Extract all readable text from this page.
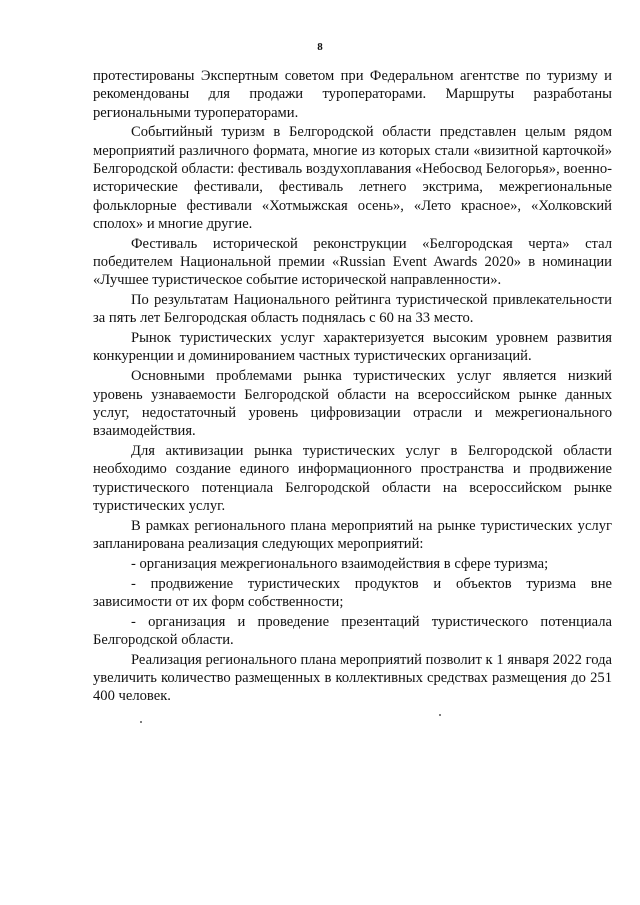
8

протестированы Экспертным советом при Федеральном агентстве по туризму и рекомендованы для продажи туроператорами. Маршруты разработаны региональными туроператорами.

Событийный туризм в Белгородской области представлен целым рядом мероприятий различного формата, многие из которых стали «визитной карточкой» Белгородской области: фестиваль воздухоплавания «Небосвод Белогорья», военно-исторические фестивали, фестиваль летнего экстрима, межрегиональные фольклорные фестивали «Хотмыжская осень», «Лето красное», «Холковский сполох» и многие другие.

Фестиваль исторической реконструкции «Белгородская черта» стал победителем Национальной премии «Russian Event Awards 2020» в номинации «Лучшее туристическое событие исторической направленности».

По результатам Национального рейтинга туристической привлекательности за пять лет Белгородская область поднялась с 60 на 33 место.

Рынок туристических услуг характеризуется высоким уровнем развития конкуренции и доминированием частных туристических организаций.

Основными проблемами рынка туристических услуг является низкий уровень узнаваемости Белгородской области на всероссийском рынке данных услуг, недостаточный уровень цифровизации отрасли и межрегионального взаимодействия.

Для активизации рынка туристических услуг в Белгородской области необходимо создание единого информационного пространства и продвижение туристического потенциала Белгородской области на всероссийском рынке туристических услуг.

В рамках регионального плана мероприятий на рынке туристических услуг запланирована реализация следующих мероприятий:

- организация межрегионального взаимодействия в сфере туризма;

- продвижение туристических продуктов и объектов туризма вне зависимости от их форм собственности;

- организация и проведение презентаций туристического потенциала Белгородской области.

Реализация регионального плана мероприятий позволит к 1 января 2022 года увеличить количество размещенных в коллективных средствах размещения до 251 400 человек.
